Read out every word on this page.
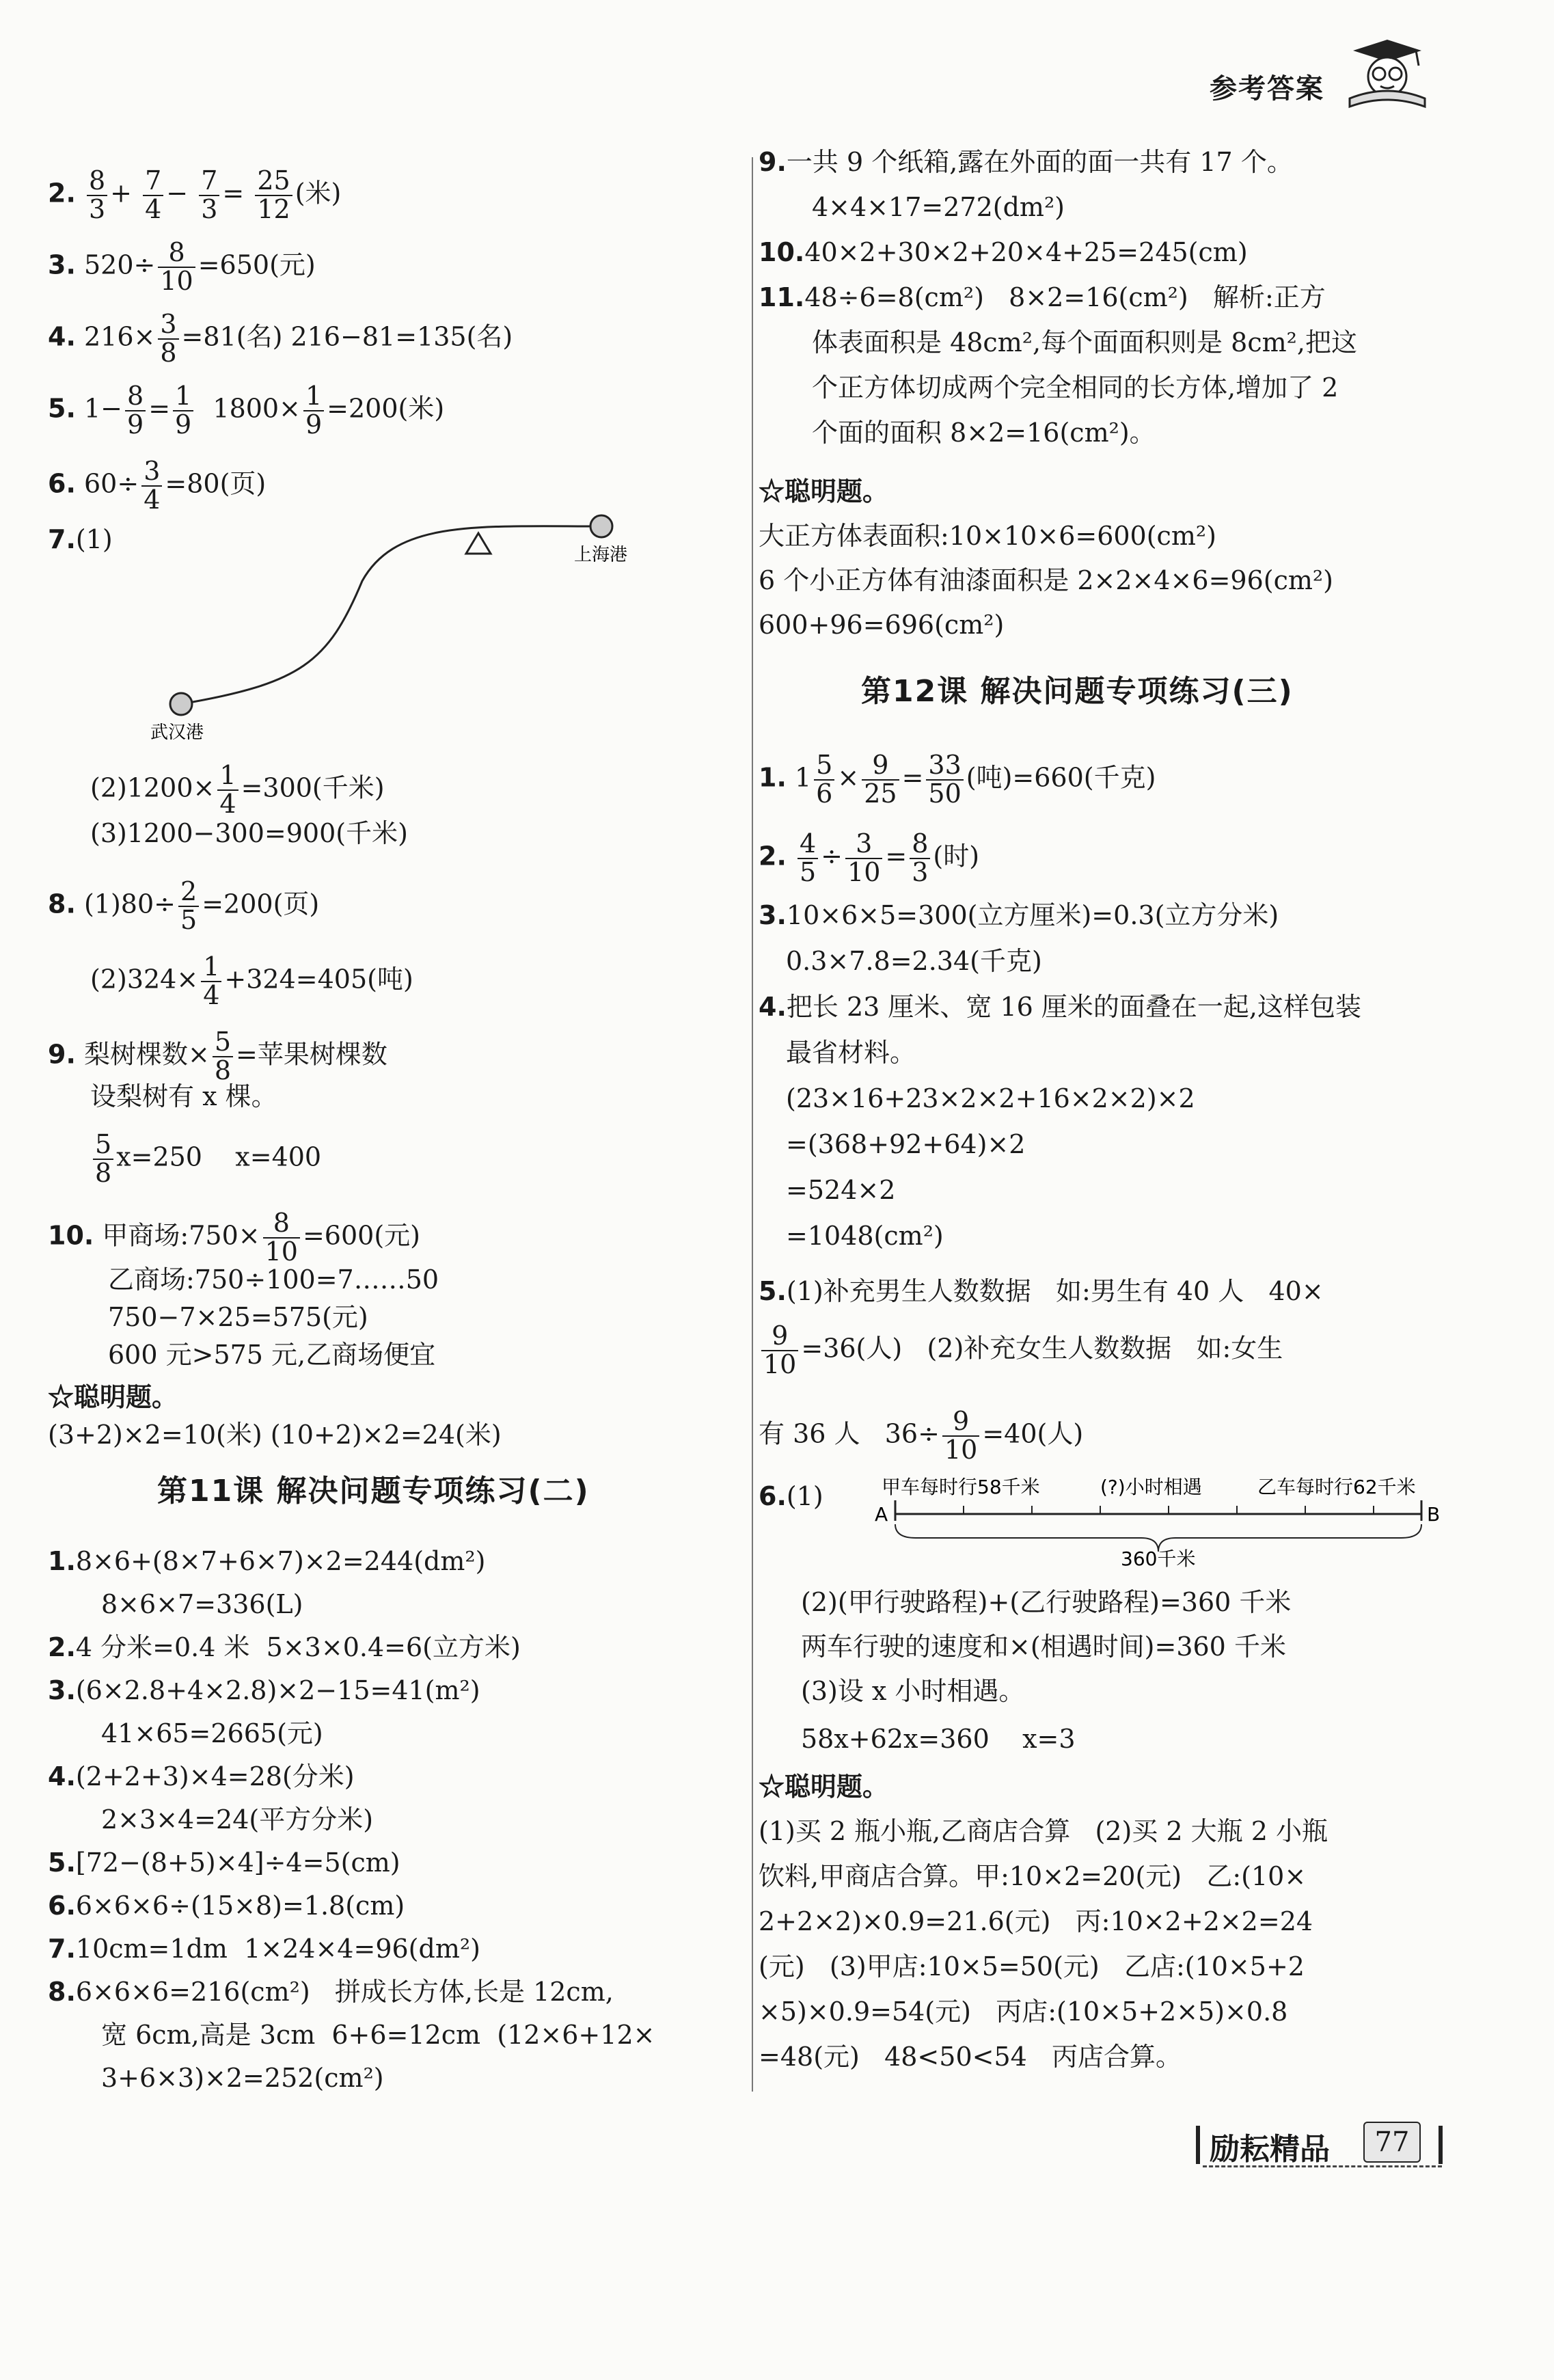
参考答案
2. $\frac{8}{3} + \frac{7}{4} - \frac{7}{3} = \frac{25}{12}$ (米)
3. $520\div \frac{8}{10} =650$(元)
4. $216\times \frac{3}{8} =81$(名) 216−81=135(名)
5. $1- \frac{8}{9} = \frac{1}{9} 1800\times \frac{1}{9} =200$(米)
6. $60\div \frac{3}{4} =80$(页)
7.(1)
上海港
武汉港
$(2)1200\times \frac{1}{4} =300$(千米)
(3)1200−300=900(千米)
8. $(1)80\div \frac{2}{5} =200$(页)
$(2)324\times \frac{1}{4} +324=405$(吨)
9. 梨树棵数× $\frac{5}{8}$ =苹果树棵数
设梨树有 x 棵。
$\frac{5}{8} x=250$    x=400
10. 甲商场:750× $\frac{8}{10} =600$(元)
乙商场:750÷100=7……50
750−7×25=575(元)
600 元>575 元,乙商场便宜
☆聪明题。
(3+2)×2=10(米) (10+2)×2=24(米)
第11课 解决问题专项练习(二)
1.8×6+(8×7+6×7)×2=244(dm²)
8×6×7=336(L)
2.4 分米=0.4 米  5×3×0.4=6(立方米)
3.(6×2.8+4×2.8)×2−15=41(m²)
41×65=2665(元)
4.(2+2+3)×4=28(分米)
2×3×4=24(平方分米)
5.[72−(8+5)×4]÷4=5(cm)
6.6×6×6÷(15×8)=1.8(cm)
7.10cm=1dm  1×24×4=96(dm²)
8.6×6×6=216(cm²)   拼成长方体,长是 12cm,
宽 6cm,高是 3cm  6+6=12cm  (12×6+12×
3+6×3)×2=252(cm²)
9.一共 9 个纸箱,露在外面的面一共有 17 个。
4×4×17=272(dm²)
10.40×2+30×2+20×4+25=245(cm)
11.48÷6=8(cm²)   8×2=16(cm²)   解析:正方
体表面积是 48cm²,每个面面积则是 8cm²,把这
个正方体切成两个完全相同的长方体,增加了 2
个面的面积 8×2=16(cm²)。
☆聪明题。
大正方体表面积:10×10×6=600(cm²)
6 个小正方体有油漆面积是 2×2×4×6=96(cm²)
600+96=696(cm²)
第12课 解决问题专项练习(三)
1. $1 \frac{5}{6} \times \frac{9}{25} = \frac{33}{50}$ (吨)=660(千克)
2. $\frac{4}{5} \div \frac{3}{10} = \frac{8}{3}$ (时)
3.10×6×5=300(立方厘米)=0.3(立方分米)
0.3×7.8=2.34(千克)
4.把长 23 厘米、宽 16 厘米的面叠在一起,这样包装
最省材料。
(23×16+23×2×2+16×2×2)×2
=(368+92+64)×2
=524×2
=1048(cm²)
5.(1)补充男生人数数据   如:男生有 40 人   40×
$\frac{9}{10} =36$(人)   (2)补充女生人数数据   如:女生
有 36 人   $36\div \frac{9}{10} =40$(人)
6.(1)	甲车每时行58千米	(?)小时相遇	乙车每时行62千米
A	B
360千米
(2)(甲行驶路程)+(乙行驶路程)=360 千米
两车行驶的速度和×(相遇时间)=360 千米
(3)设 x 小时相遇。
58x+62x=360    x=3
☆聪明题。
(1)买 2 瓶小瓶,乙商店合算   (2)买 2 大瓶 2 小瓶
饮料,甲商店合算。甲:10×2=20(元)   乙:(10×
2+2×2)×0.9=21.6(元)   丙:10×2+2×2=24
(元)   (3)甲店:10×5=50(元)   乙店:(10×5+2
×5)×0.9=54(元)   丙店:(10×5+2×5)×0.8
=48(元)   48<50<54   丙店合算。
励耘精品	77
